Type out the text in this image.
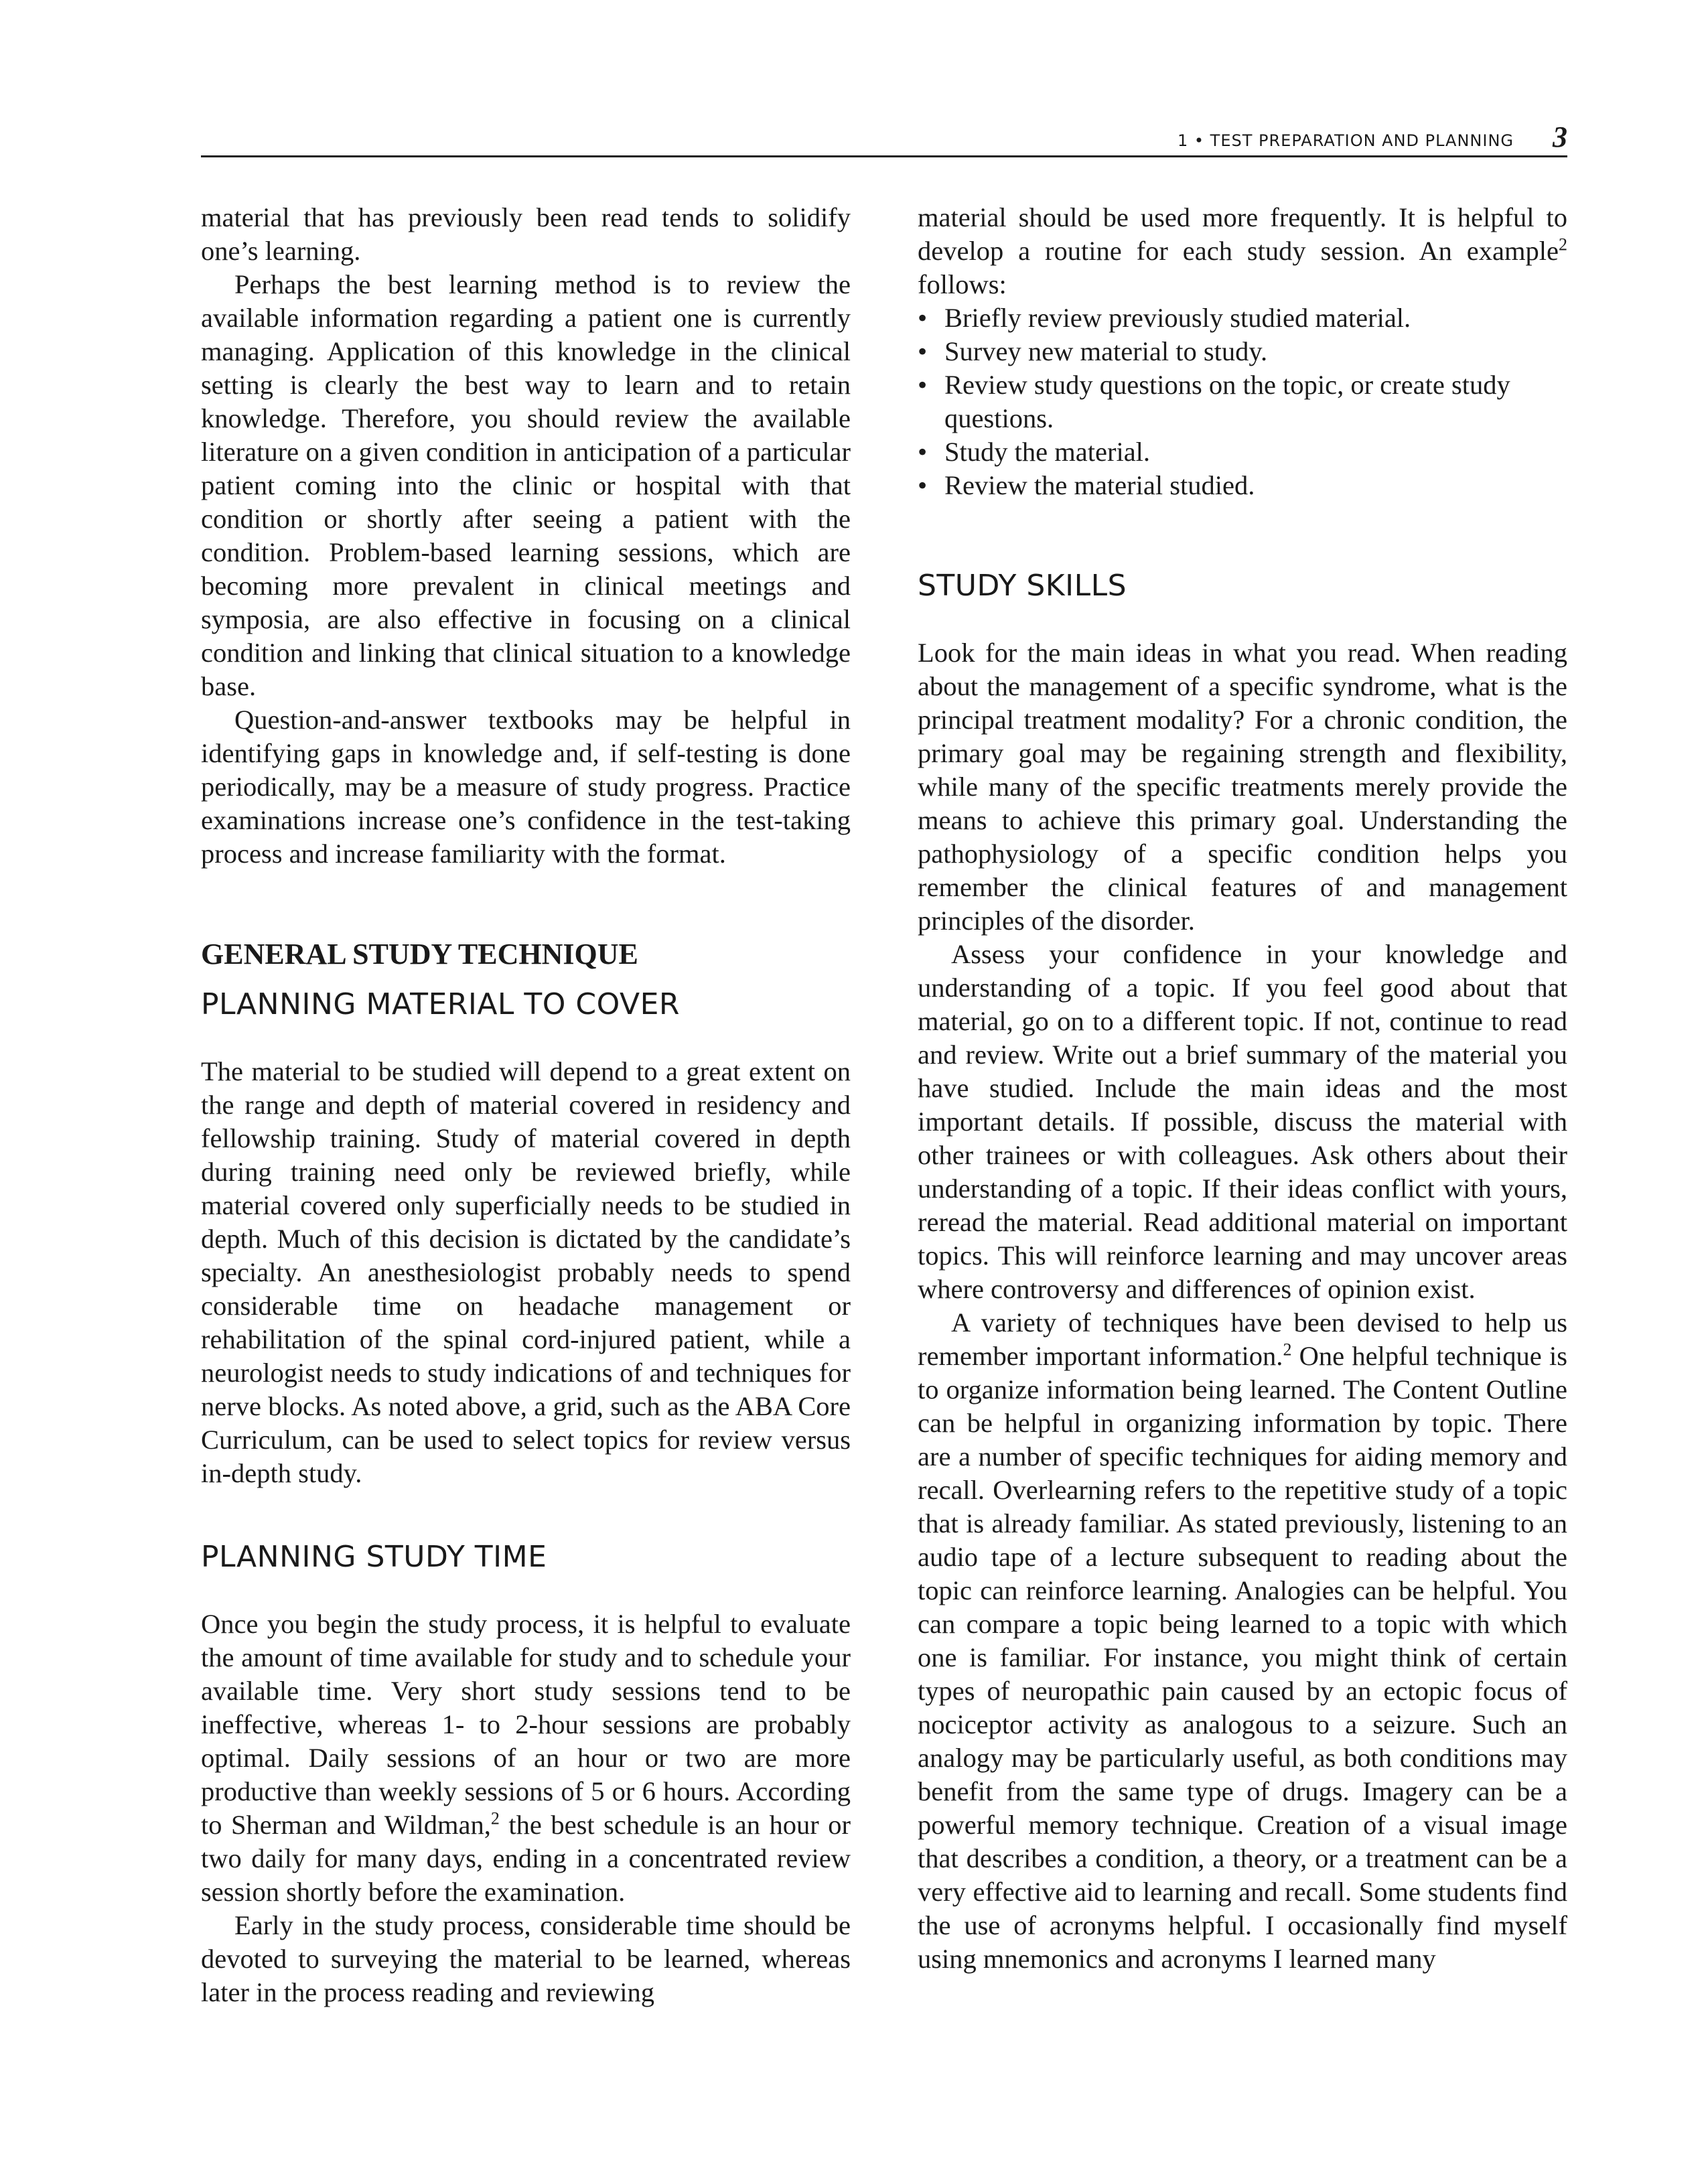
1 • TEST PREPARATION AND PLANNING 3

material that has previously been read tends to solidify one’s learning.

Perhaps the best learning method is to review the available information regarding a patient one is currently managing. Application of this knowledge in the clinical setting is clearly the best way to learn and to retain knowledge. Therefore, you should review the available literature on a given condition in anticipation of a particular patient coming into the clinic or hospital with that condition or shortly after seeing a patient with the condition. Problem-based learning sessions, which are becoming more prevalent in clinical meetings and symposia, are also effective in focusing on a clinical condition and linking that clinical situation to a knowledge base.

Question-and-answer textbooks may be helpful in identifying gaps in knowledge and, if self-testing is done periodically, may be a measure of study progress. Practice examinations increase one’s confidence in the test-taking process and increase familiarity with the format.

GENERAL STUDY TECHNIQUE
PLANNING MATERIAL TO COVER

The material to be studied will depend to a great extent on the range and depth of material covered in residency and fellowship training. Study of material covered in depth during training need only be reviewed briefly, while material covered only superficially needs to be studied in depth. Much of this decision is dictated by the candidate’s specialty. An anesthesiologist probably needs to spend considerable time on headache management or rehabilitation of the spinal cord-injured patient, while a neurologist needs to study indications of and techniques for nerve blocks. As noted above, a grid, such as the ABA Core Curriculum, can be used to select topics for review versus in-depth study.

PLANNING STUDY TIME

Once you begin the study process, it is helpful to evaluate the amount of time available for study and to schedule your available time. Very short study sessions tend to be ineffective, whereas 1- to 2-hour sessions are probably optimal. Daily sessions of an hour or two are more productive than weekly sessions of 5 or 6 hours. According to Sherman and Wildman,$^2$ the best schedule is an hour or two daily for many days, ending in a concentrated review session shortly before the examination.

Early in the study process, considerable time should be devoted to surveying the material to be learned, whereas later in the process reading and reviewing

material should be used more frequently. It is helpful to develop a routine for each study session. An example$^2$ follows:

• Briefly review previously studied material.
• Survey new material to study.
• Review study questions on the topic, or create study questions.
• Study the material.
• Review the material studied.
STUDY SKILLS

Look for the main ideas in what you read. When reading about the management of a specific syndrome, what is the principal treatment modality? For a chronic condition, the primary goal may be regaining strength and flexibility, while many of the specific treatments merely provide the means to achieve this primary goal. Understanding the pathophysiology of a specific condition helps you remember the clinical features of and management principles of the disorder.

Assess your confidence in your knowledge and understanding of a topic. If you feel good about that material, go on to a different topic. If not, continue to read and review. Write out a brief summary of the material you have studied. Include the main ideas and the most important details. If possible, discuss the material with other trainees or with colleagues. Ask others about their understanding of a topic. If their ideas conflict with yours, reread the material. Read additional material on important topics. This will reinforce learning and may uncover areas where controversy and differences of opinion exist.

A variety of techniques have been devised to help us remember important information.$^2$ One helpful technique is to organize information being learned. The Content Outline can be helpful in organizing information by topic. There are a number of specific techniques for aiding memory and recall. Overlearning refers to the repetitive study of a topic that is already familiar. As stated previously, listening to an audio tape of a lecture subsequent to reading about the topic can reinforce learning. Analogies can be helpful. You can compare a topic being learned to a topic with which one is familiar. For instance, you might think of certain types of neuropathic pain caused by an ectopic focus of nociceptor activity as analogous to a seizure. Such an analogy may be particularly useful, as both conditions may benefit from the same type of drugs. Imagery can be a powerful memory technique. Creation of a visual image that describes a condition, a theory, or a treatment can be a very effective aid to learning and recall. Some students find the use of acronyms helpful. I occasionally find myself using mnemonics and acronyms I learned many
